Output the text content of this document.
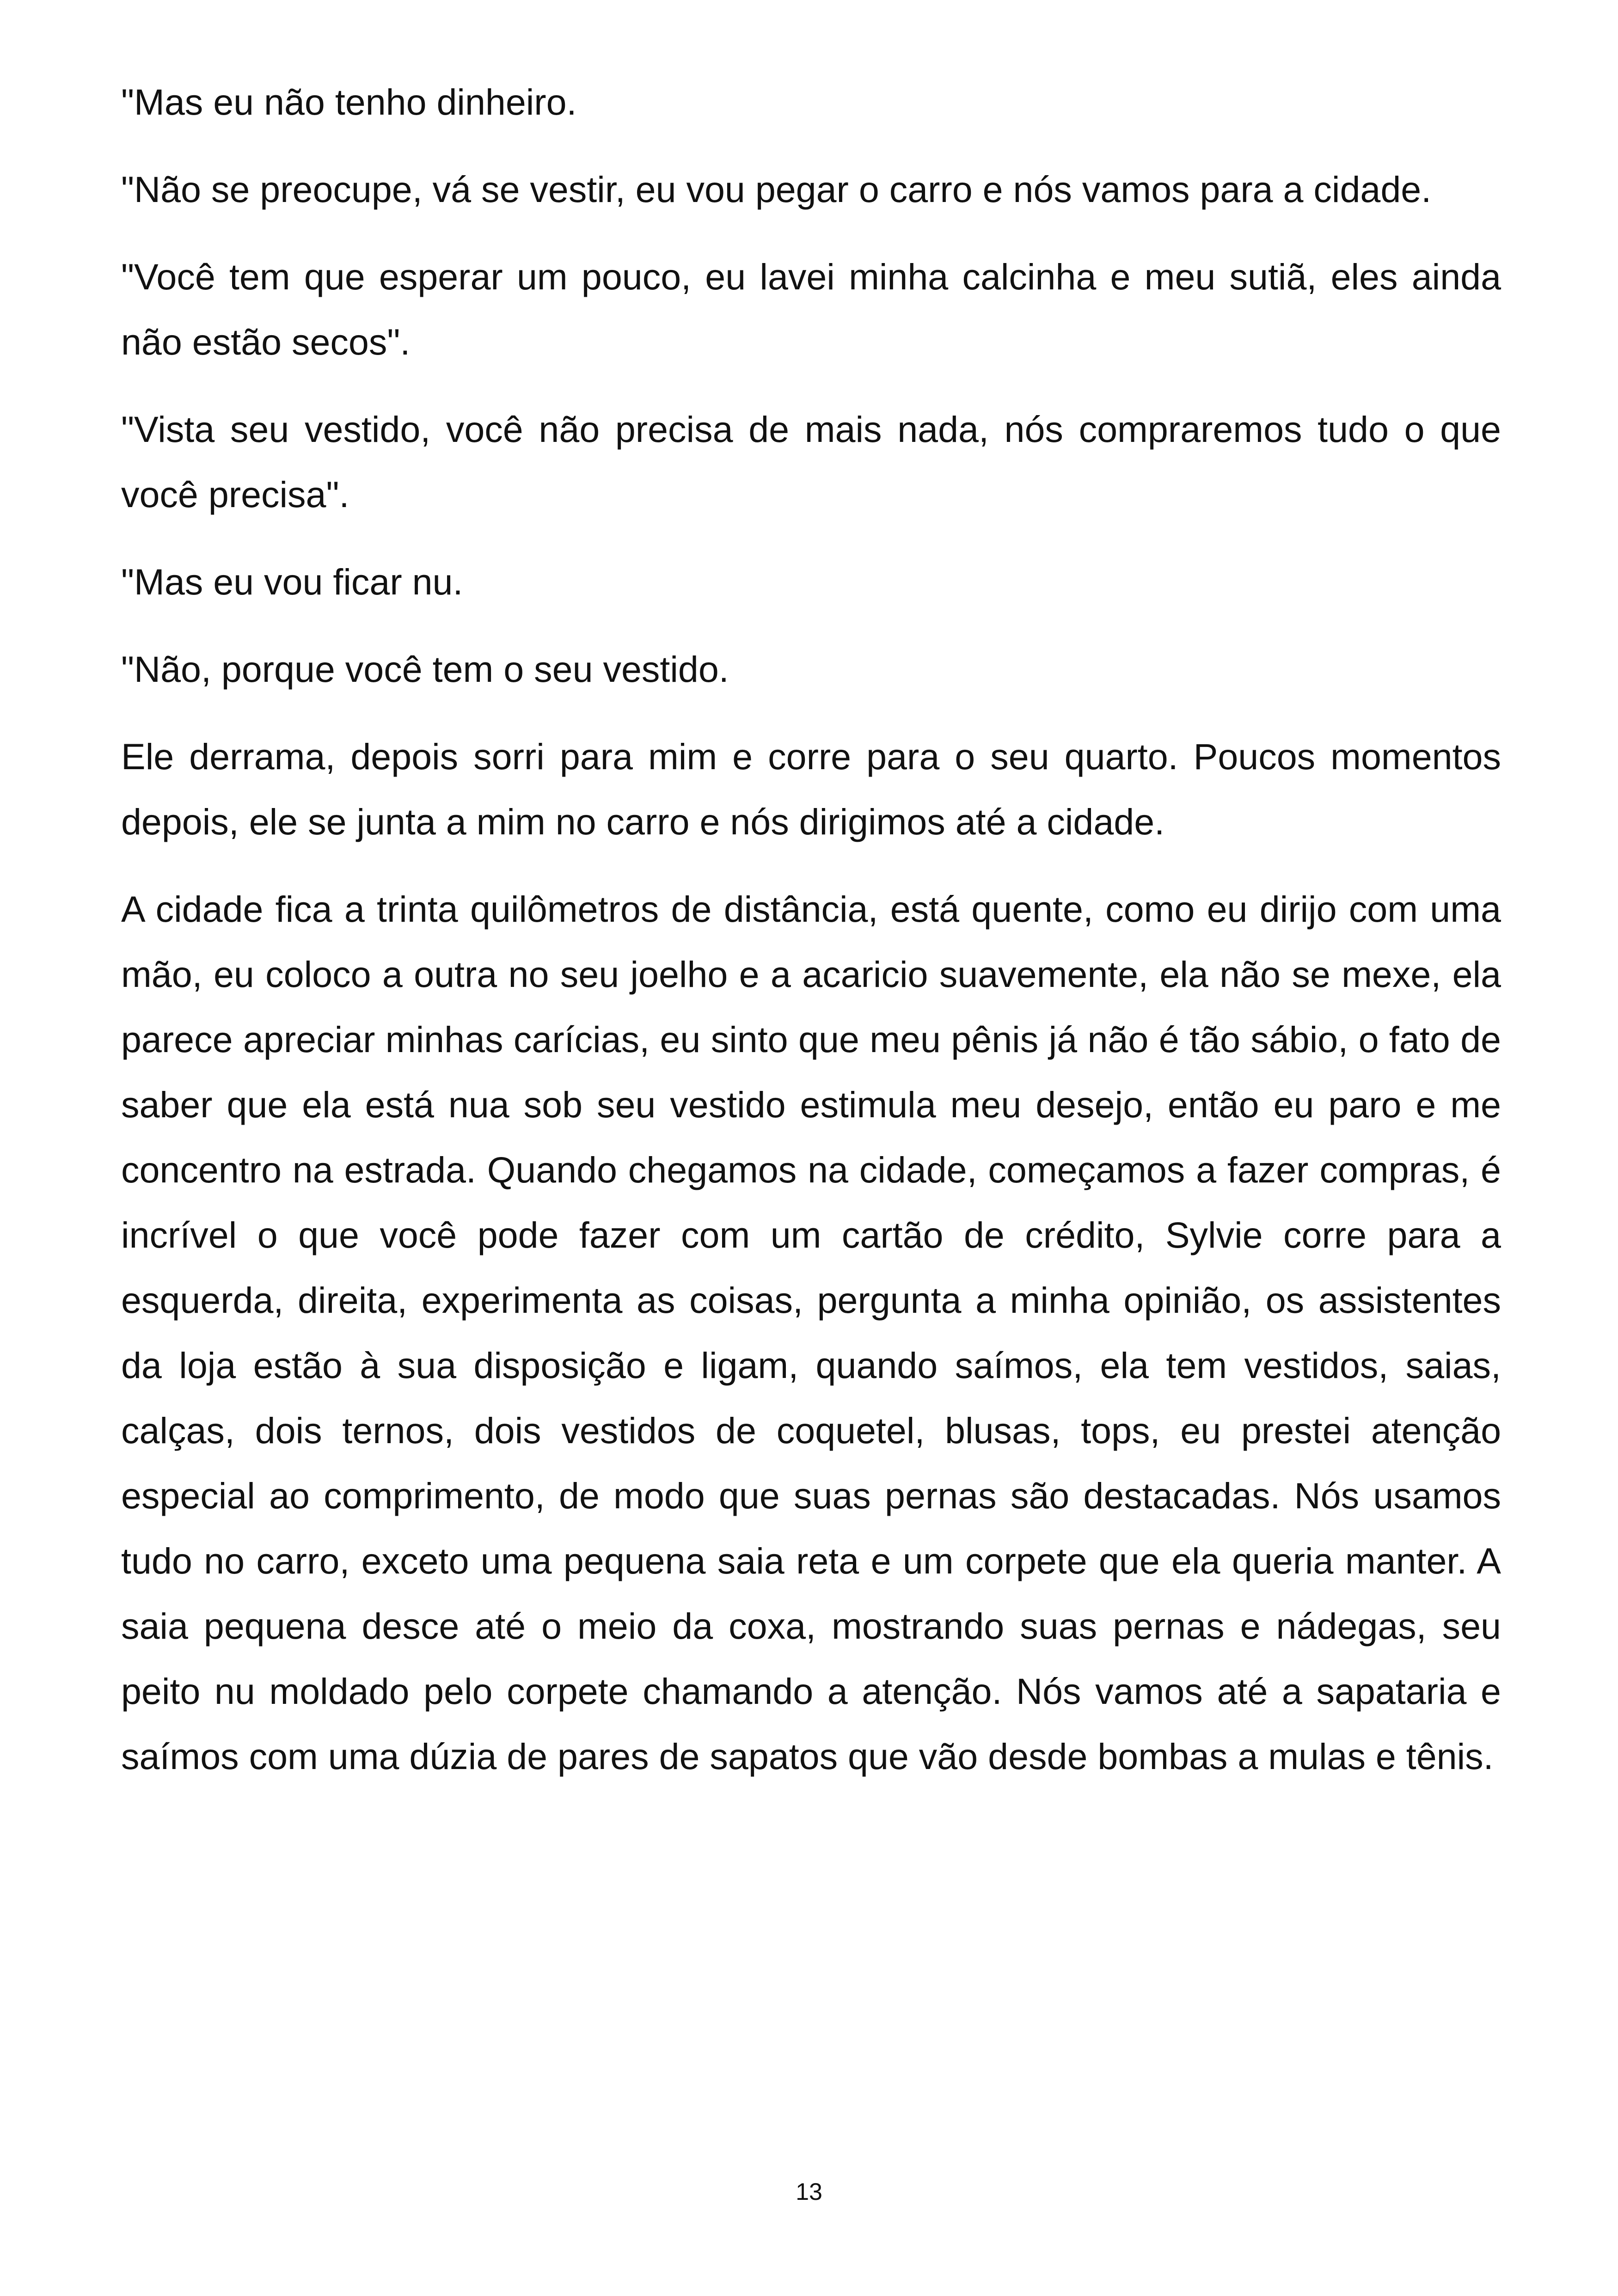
"Mas eu não tenho dinheiro.

"Não se preocupe, vá se vestir, eu vou pegar o carro e nós vamos para a cidade.

"Você tem que esperar um pouco, eu lavei minha calcinha e meu sutiã, eles ainda não estão secos".

"Vista seu vestido, você não precisa de mais nada, nós compraremos tudo o que você precisa".

"Mas eu vou ficar nu.

"Não, porque você tem o seu vestido.

Ele derrama, depois sorri para mim e corre para o seu quarto. Poucos momentos depois, ele se junta a mim no carro e nós dirigimos até a cidade.

A cidade fica a trinta quilômetros de distância, está quente, como eu dirijo com uma mão, eu coloco a outra no seu joelho e a acaricio suavemente, ela não se mexe, ela parece apreciar minhas carícias, eu sinto que meu pênis já não é tão sábio, o fato de saber que ela está nua sob seu vestido estimula meu desejo, então eu paro e me concentro na estrada. Quando chegamos na cidade, começamos a fazer compras, é incrível o que você pode fazer com um cartão de crédito, Sylvie corre para a esquerda, direita, experimenta as coisas, pergunta a minha opinião, os assistentes da loja estão à sua disposição e ligam, quando saímos, ela tem vestidos, saias, calças, dois ternos, dois vestidos de coquetel, blusas, tops, eu prestei atenção especial ao comprimento, de modo que suas pernas são destacadas. Nós usamos tudo no carro, exceto uma pequena saia reta e um corpete que ela queria manter. A saia pequena desce até o meio da coxa, mostrando suas pernas e nádegas, seu peito nu moldado pelo corpete chamando a atenção. Nós vamos até a sapataria e saímos com uma dúzia de pares de sapatos que vão desde bombas a mulas e tênis.

13
